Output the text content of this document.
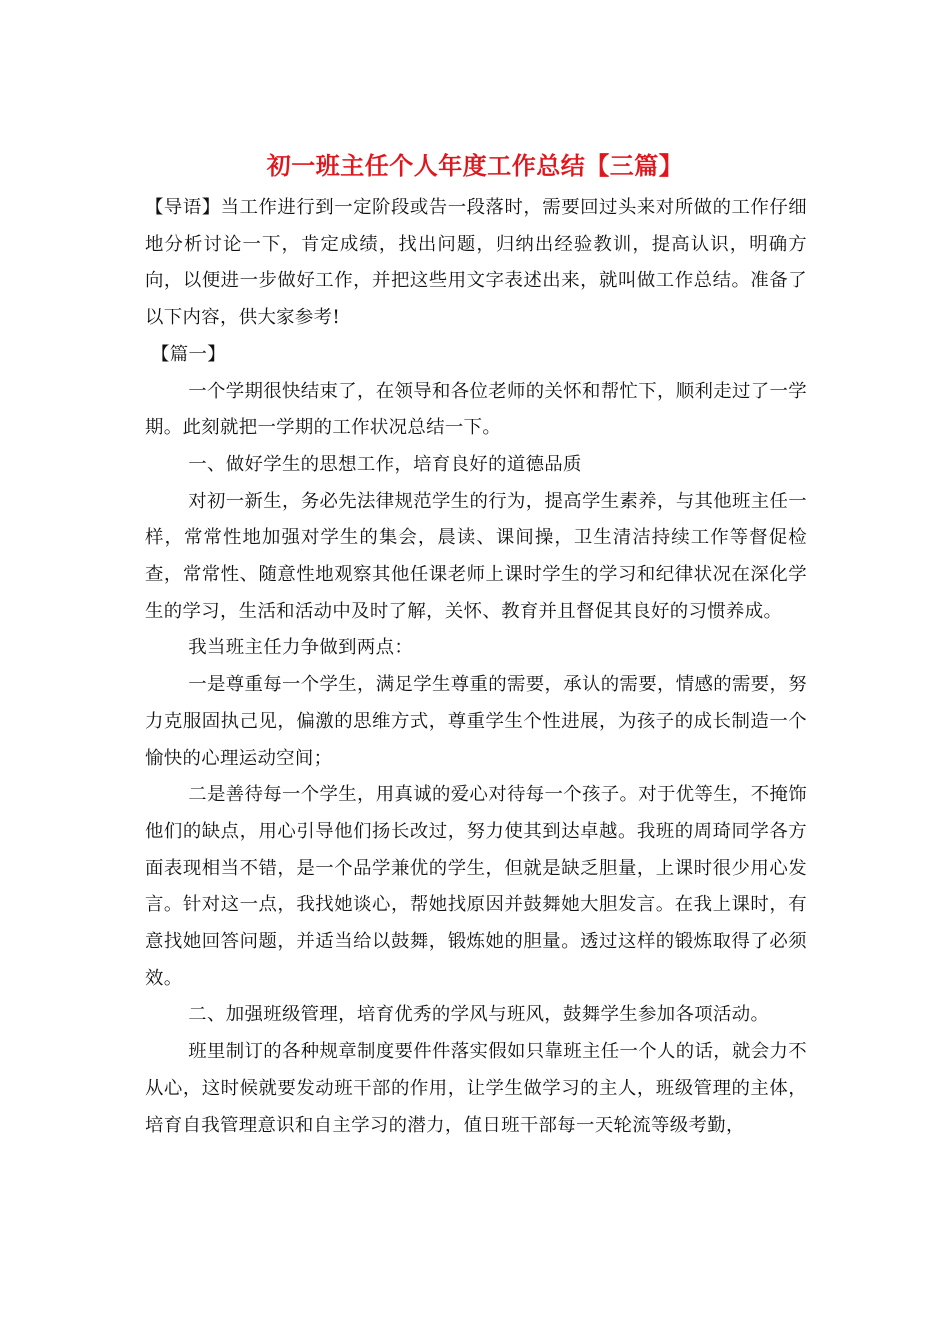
初一班主任个人年度工作总结【三篇】

【导语】当工作进行到一定阶段或告一段落时，需要回过头来对所做的工作仔细地分析讨论一下，肯定成绩，找出问题，归纳出经验教训，提高认识，明确方向，以便进一步做好工作，并把这些用文字表述出来，就叫做工作总结。准备了以下内容，供大家参考!

【篇一】

一个学期很快结束了，在领导和各位老师的关怀和帮忙下，顺利走过了一学期。此刻就把一学期的工作状况总结一下。

一、做好学生的思想工作，培育良好的道德品质

对初一新生，务必先法律规范学生的行为，提高学生素养，与其他班主任一样，常常性地加强对学生的集会，晨读、课间操，卫生清洁持续工作等督促检查，常常性、随意性地观察其他任课老师上课时学生的学习和纪律状况在深化学生的学习，生活和活动中及时了解，关怀、教育并且督促其良好的习惯养成。

我当班主任力争做到两点：

一是尊重每一个学生，满足学生尊重的需要，承认的需要，情感的需要，努力克服固执己见，偏激的思维方式，尊重学生个性进展，为孩子的成长制造一个愉快的心理运动空间；

二是善待每一个学生，用真诚的爱心对待每一个孩子。对于优等生，不掩饰他们的缺点，用心引导他们扬长改过，努力使其到达卓越。我班的周琦同学各方面表现相当不错，是一个品学兼优的学生，但就是缺乏胆量，上课时很少用心发言。针对这一点，我找她谈心，帮她找原因并鼓舞她大胆发言。在我上课时，有意找她回答问题，并适当给以鼓舞，锻炼她的胆量。透过这样的锻炼取得了必须效。

二、加强班级管理，培育优秀的学风与班风，鼓舞学生参加各项活动。

班里制订的各种规章制度要件件落实假如只靠班主任一个人的话，就会力不从心，这时候就要发动班干部的作用，让学生做学习的主人，班级管理的主体，培育自我管理意识和自主学习的潜力，值日班干部每一天轮流等级考勤，
